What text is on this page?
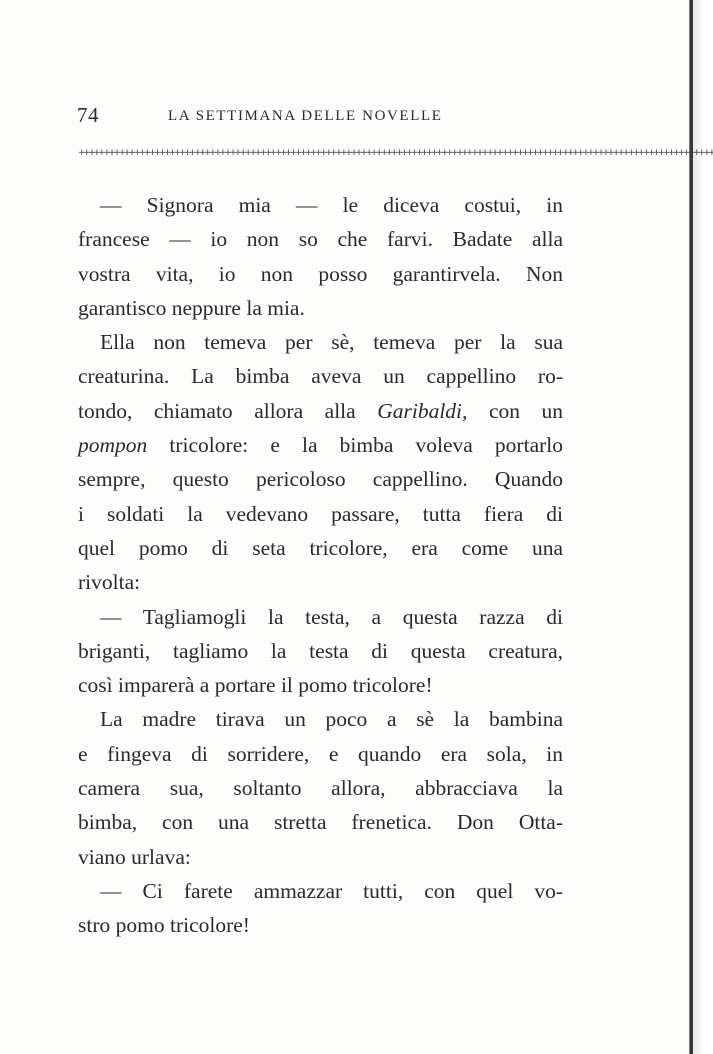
74	LA SETTIMANA DELLE NOVELLE
++++++++++++++++++++++++++++++++++++++++++++++++++++++++++++++++++++++++++++++++++++++++++++++++++++++++++++++++++++++++++++++
— Signora mia — le diceva costui, in
francese — io non so che farvi. Badate alla
vostra vita, io non posso garantirvela. Non
garantisco neppure la mia.
Ella non temeva per sè, temeva per la sua
creaturina. La bimba aveva un cappellino ro-
tondo, chiamato allora alla Garibaldi, con un
pompon tricolore: e la bimba voleva portarlo
sempre, questo pericoloso cappellino. Quando
i soldati la vedevano passare, tutta fiera di
quel pomo di seta tricolore, era come una
rivolta:
— Tagliamogli la testa, a questa razza di
briganti, tagliamo la testa di questa creatura,
così imparerà a portare il pomo tricolore!
La madre tirava un poco a sè la bambina
e fingeva di sorridere, e quando era sola, in
camera sua, soltanto allora, abbracciava la
bimba, con una stretta frenetica. Don Otta-
viano urlava:
— Ci farete ammazzar tutti, con quel vo-
stro pomo tricolore!
